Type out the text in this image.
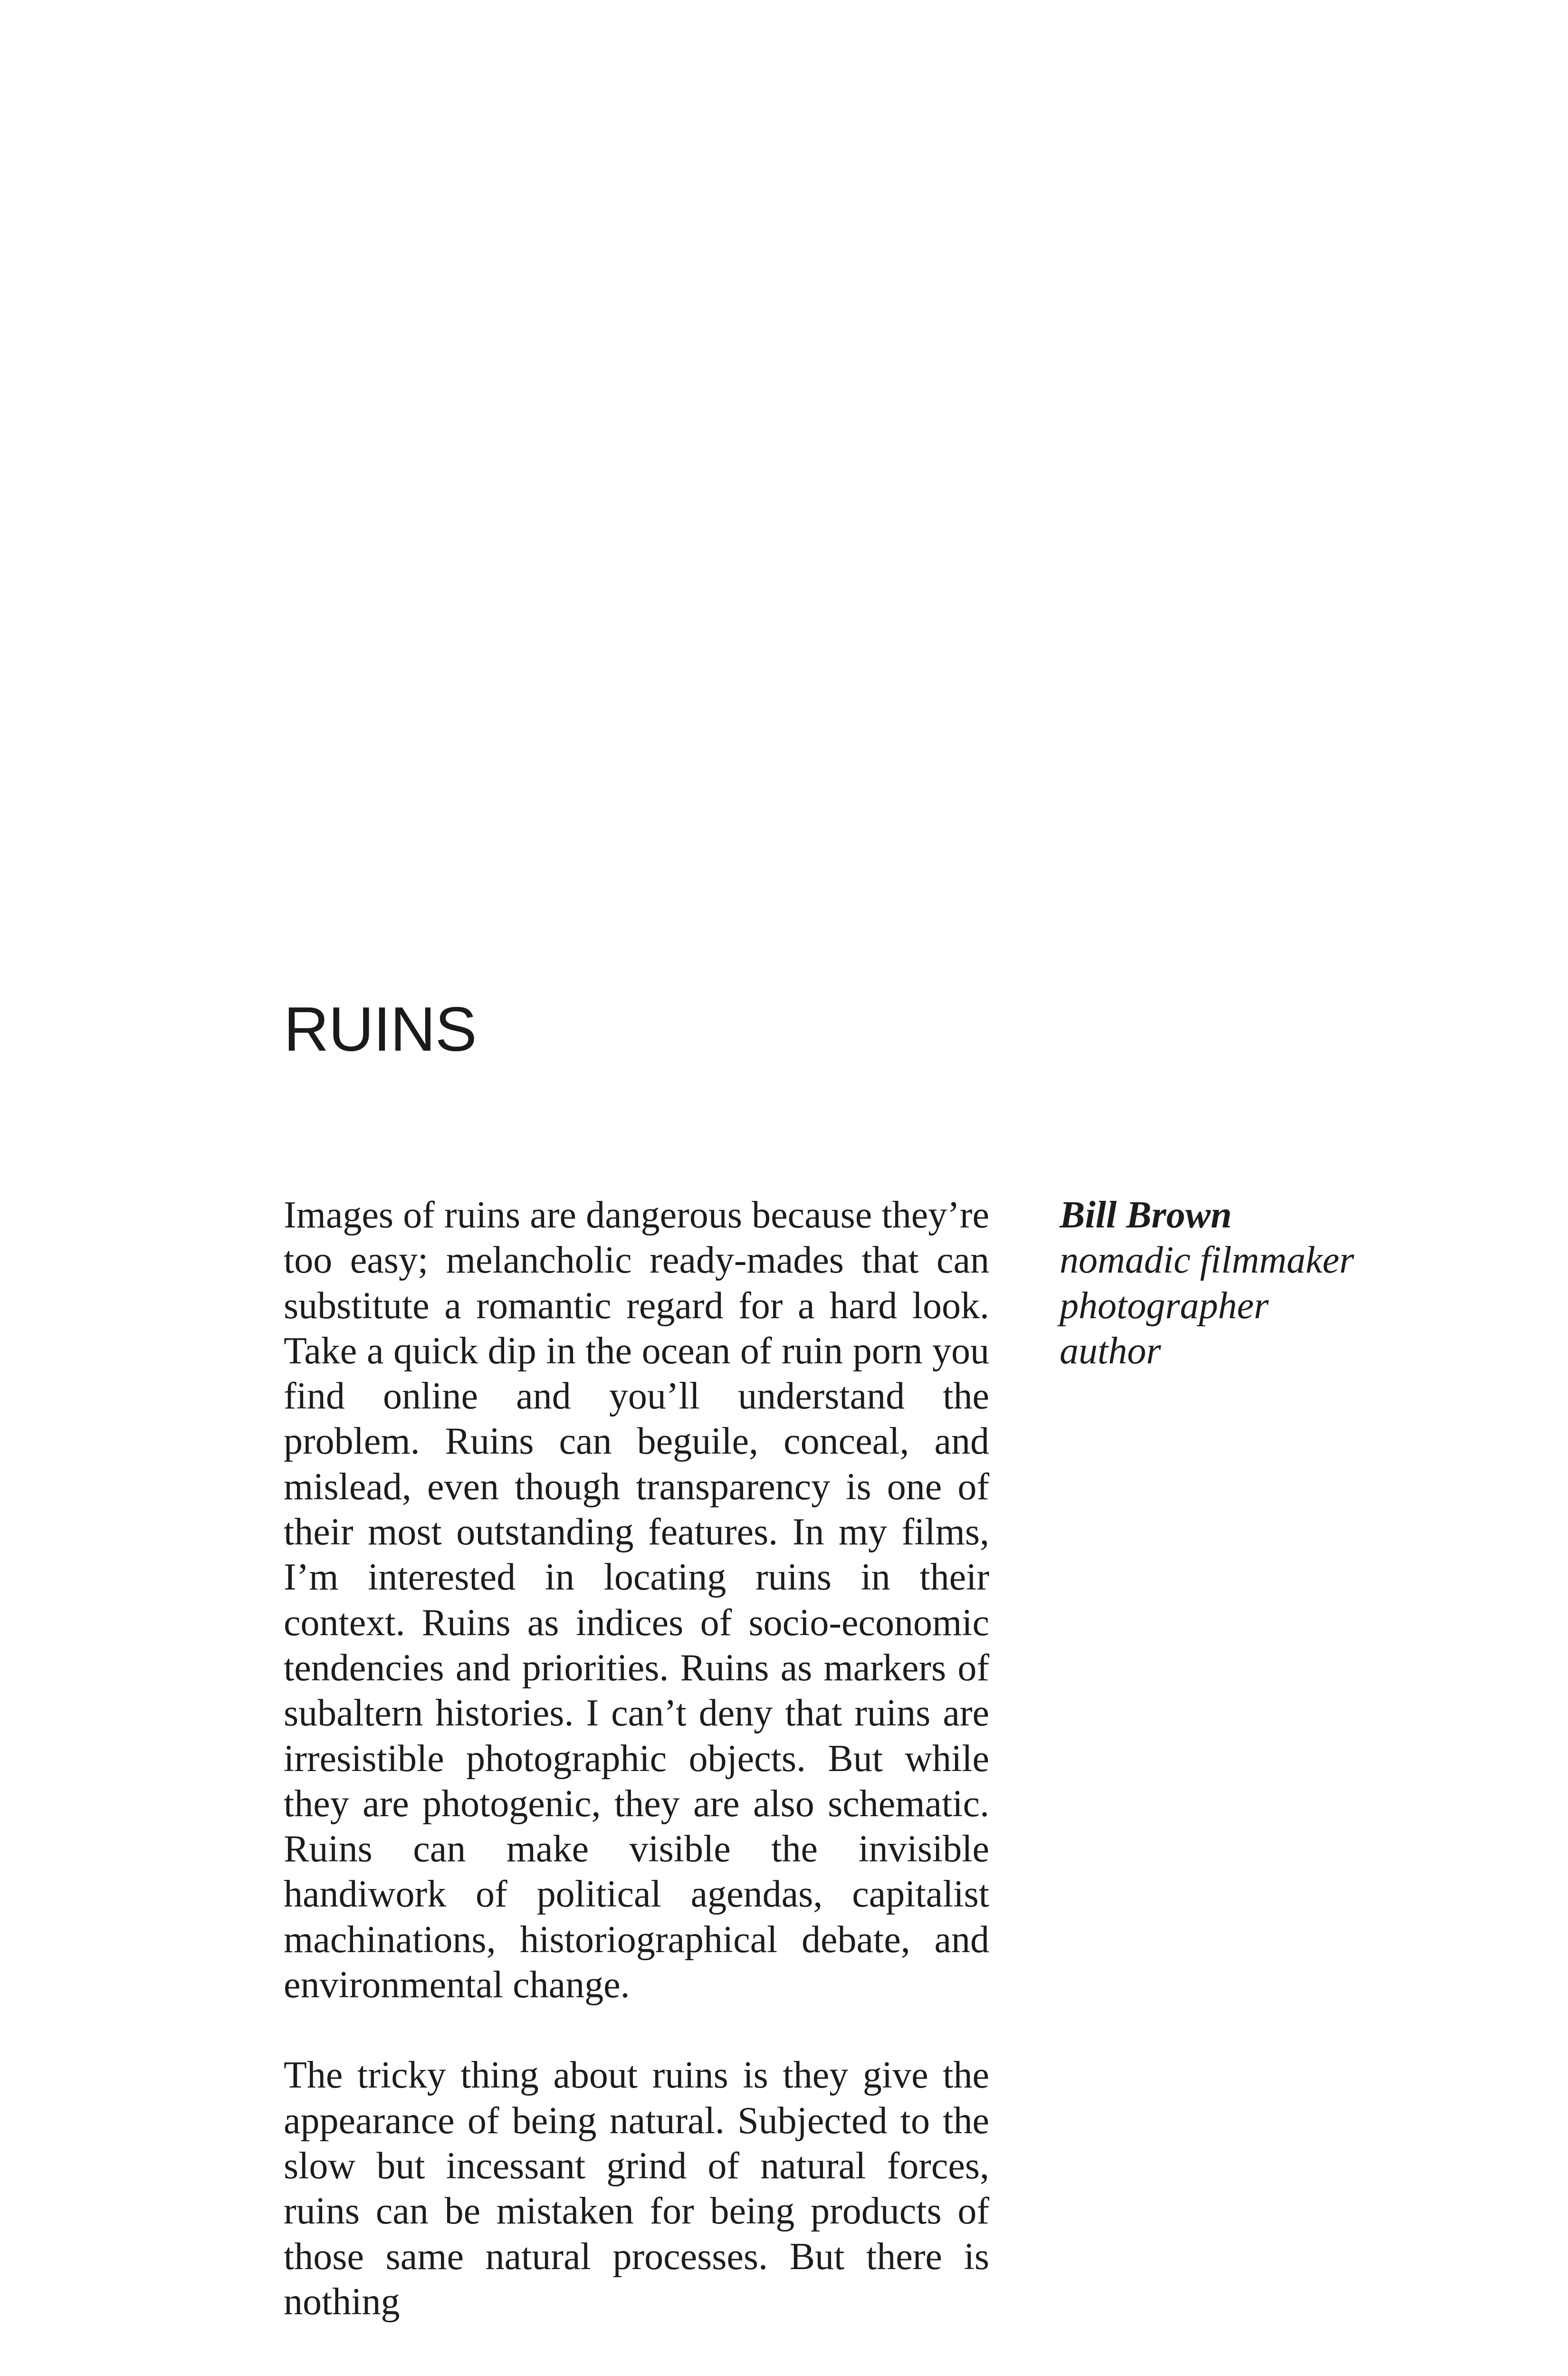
RUINS

Images of ruins are dangerous because they’re too easy; melancholic ready-mades that can substitute a romantic regard for a hard look. Take a quick dip in the ocean of ruin porn you find online and you’ll understand the problem. Ruins can beguile, conceal, and mislead, even though transparency is one of their most outstanding features. In my films, I’m interested in locating ruins in their context. Ruins as indices of socio-economic tendencies and priorities. Ruins as markers of subaltern histories. I can’t deny that ruins are irresistible photographic objects. But while they are photogenic, they are also schematic. Ruins can make visible the invisible handiwork of political agendas, capitalist machinations, historiographical debate, and environmental change.

The tricky thing about ruins is they give the appearance of being natural. Subjected to the slow but incessant grind of natural forces, ruins can be mistaken for being products of those same natural processes. But there is nothing

Bill Brown
nomadic filmmaker
photographer
author
